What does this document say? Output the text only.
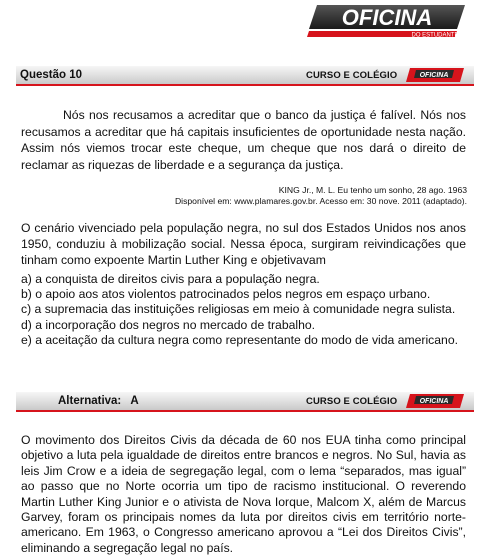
OFICINA
DO ESTUDANTE
Questão 10	CURSO E COLÉGIO	OFICINA

Nós nos recusamos a acreditar que o banco da justiça é falível. Nós nos recusamos a acreditar que há capitais insuficientes de oportunidade nesta nação. Assim nós viemos trocar este cheque, um cheque que nos dará o direito de reclamar as riquezas de liberdade e a segurança da justiça.

KING Jr., M. L. Eu tenho um sonho, 28 ago. 1963
Disponível em: www.plamares.gov.br. Acesso em: 30 nove. 2011 (adaptado).

O cenário vivenciado pela população negra, no sul dos Estados Unidos nos anos 1950, conduziu à mobilização social. Nessa época, surgiram reivindicações que tinham como expoente Martin Luther King e objetivavam

a) a conquista de direitos civis para a população negra.
b) o apoio aos atos violentos patrocinados pelos negros em espaço urbano.
c) a supremacia das instituições religiosas em meio à comunidade negra sulista.
d) a incorporação dos negros no mercado de trabalho.
e) a aceitação da cultura negra como representante do modo de vida americano.
Alternativa:   A	CURSO E COLÉGIO	OFICINA

O movimento dos Direitos Civis da década de 60 nos EUA tinha como principal objetivo a luta pela igualdade de direitos entre brancos e negros. No Sul, havia as leis Jim Crow e a ideia de segregação legal, com o lema “separados, mas igual” ao passo que no Norte ocorria um tipo de racismo institucional. O reverendo Martin Luther King Junior e o ativista de Nova Iorque, Malcom X, além de Marcus Garvey, foram os principais nomes da luta por direitos civis em território norte-americano. Em 1963, o Congresso americano aprovou a “Lei dos Direitos Civis”, eliminando a segregação legal no país.
